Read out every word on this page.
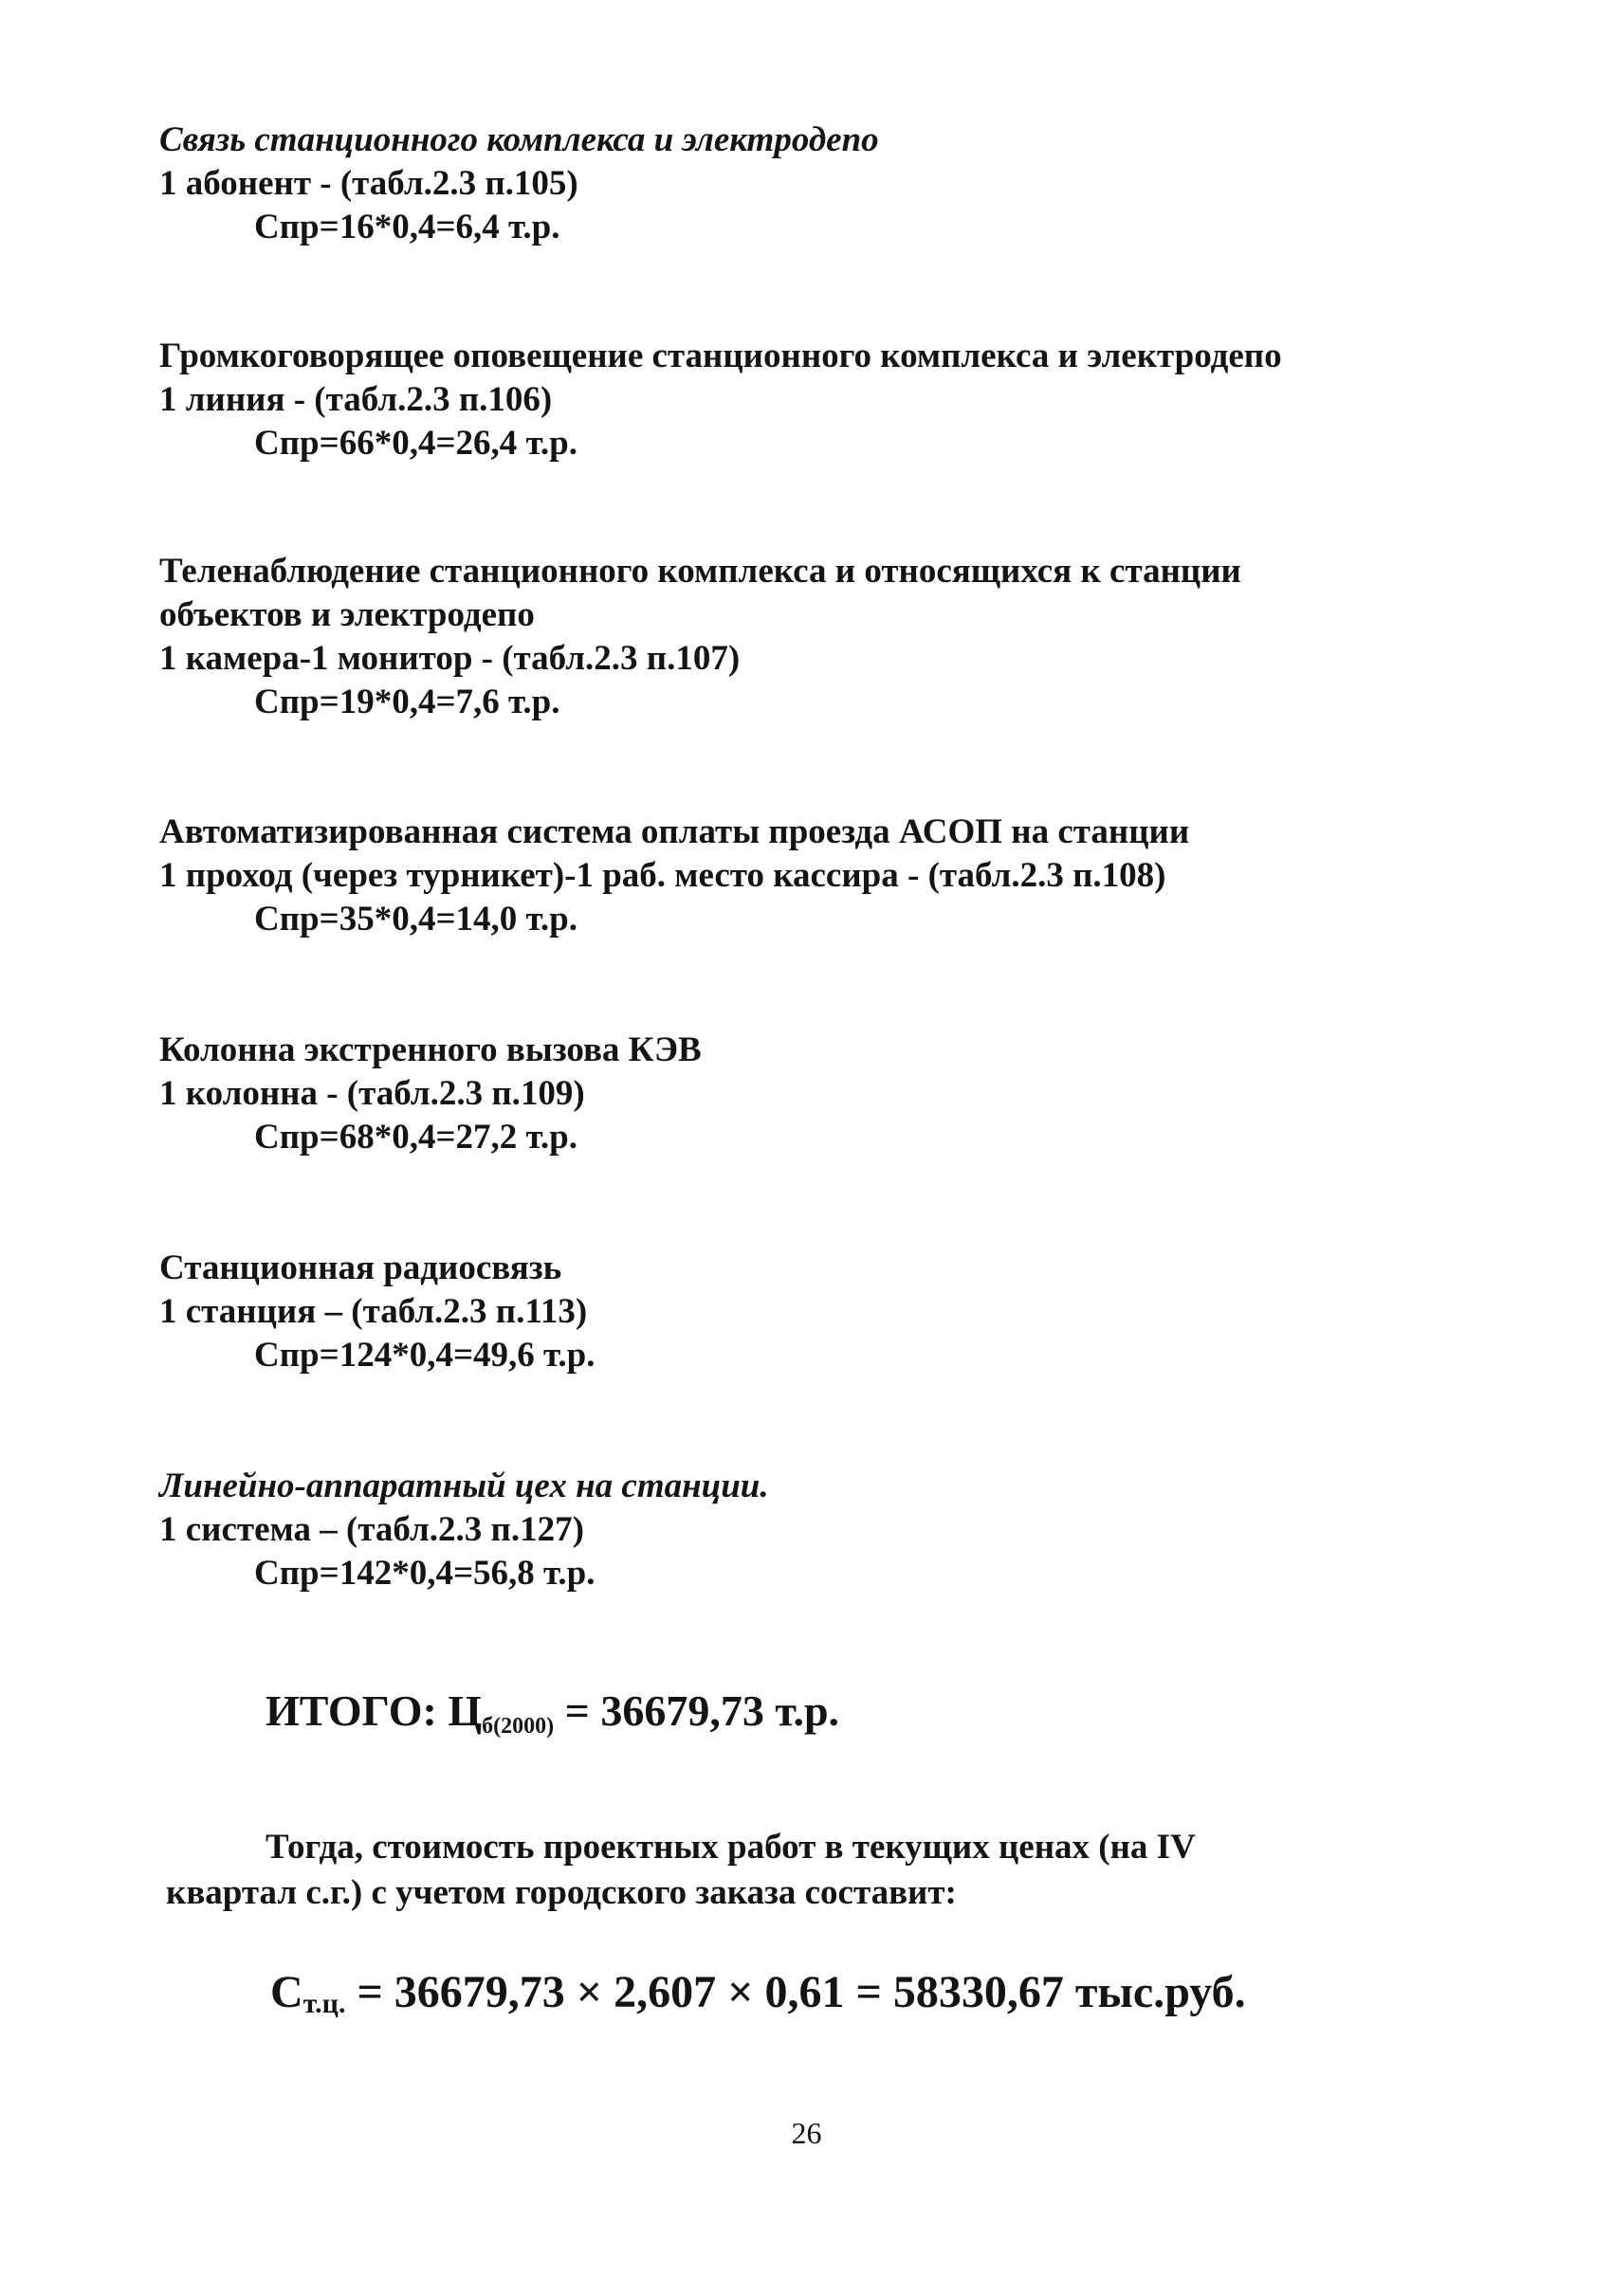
Связь станционного комплекса и электродепо
1 абонент - (табл.2.3 п.105)
Спр=16*0,4=6,4 т.р.
Громкоговорящее оповещение станционного комплекса и электродепо
1 линия - (табл.2.3 п.106)
Спр=66*0,4=26,4 т.р.
Теленаблюдение станционного комплекса и относящихся к станции
объектов и электродепо
1 камера-1 монитор - (табл.2.3 п.107)
Спр=19*0,4=7,6 т.р.
Автоматизированная система оплаты проезда АСОП на станции
1 проход (через турникет)-1 раб. место кассира - (табл.2.3 п.108)
Спр=35*0,4=14,0 т.р.
Колонна экстренного вызова КЭВ
1 колонна - (табл.2.3 п.109)
Спр=68*0,4=27,2 т.р.
Станционная радиосвязь
1 станция – (табл.2.3 п.113)
Спр=124*0,4=49,6 т.р.
Линейно-аппаратный цех на станции.
1 система – (табл.2.3 п.127)
Спр=142*0,4=56,8 т.р.
ИТОГО: $Ц_{б(2000)} = 36679,73$ т.р.
Тогда, стоимость проектных работ в текущих ценах (на IV
квартал с.г.) с учетом городского заказа составит:
$С_{т.ц.} = 36679,73 \times 2,607 \times 0,61 = 58330,67$ тыс.руб.
26
